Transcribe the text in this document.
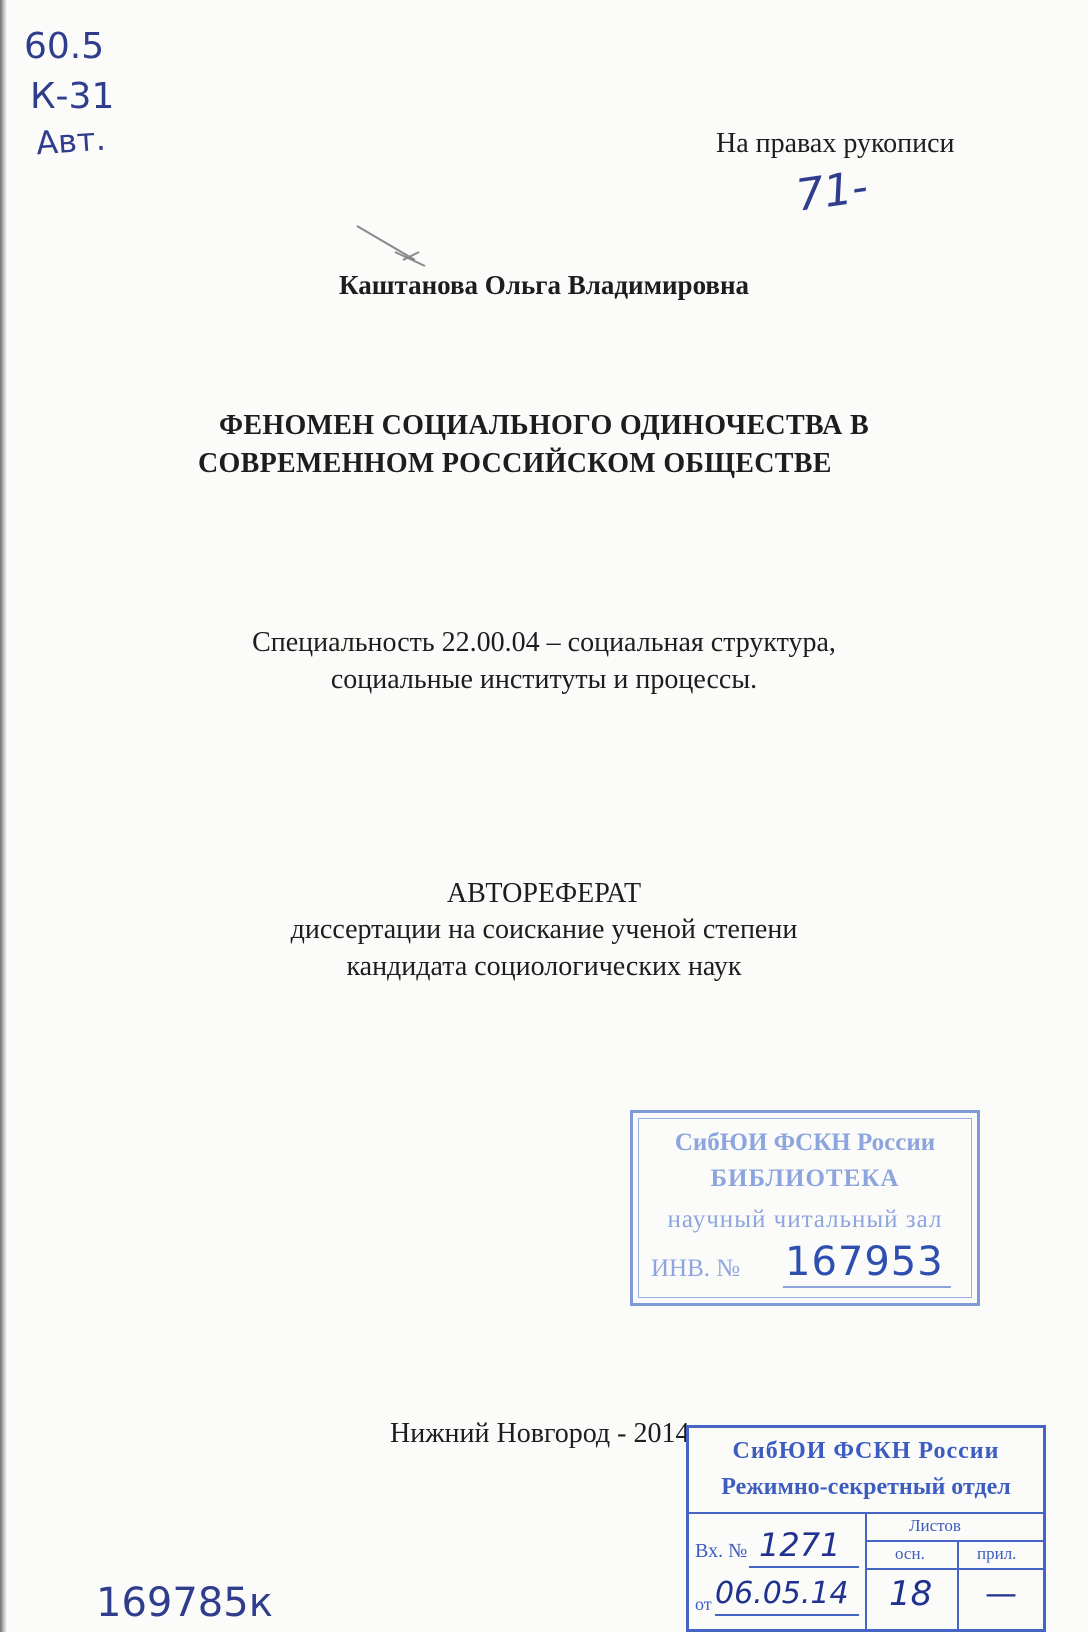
60.5
К-31
Авт.	На правах рукописи
71-
Каштанова Ольга Владимировна
ФЕНОМЕН СОЦИАЛЬНОГО ОДИНОЧЕСТВА В
СОВРЕМЕННОМ РОССИЙСКОМ ОБЩЕСТВЕ
Специальность 22.00.04 – социальная структура,
социальные институты и процессы.
АВТОРЕФЕРАТ
диссертации на соискание ученой степени
кандидата социологических наук
СибЮИ ФСКН России
БИБЛИОТЕКА
научный читальный зал
ИНВ. № 167953
Нижний Новгород - 2014
СибЮИ ФСКН России
Режимно-секретный отдел
Листов
осн.	прил.
Вх. № 1271
от 06.05.14 18 —
169785к
